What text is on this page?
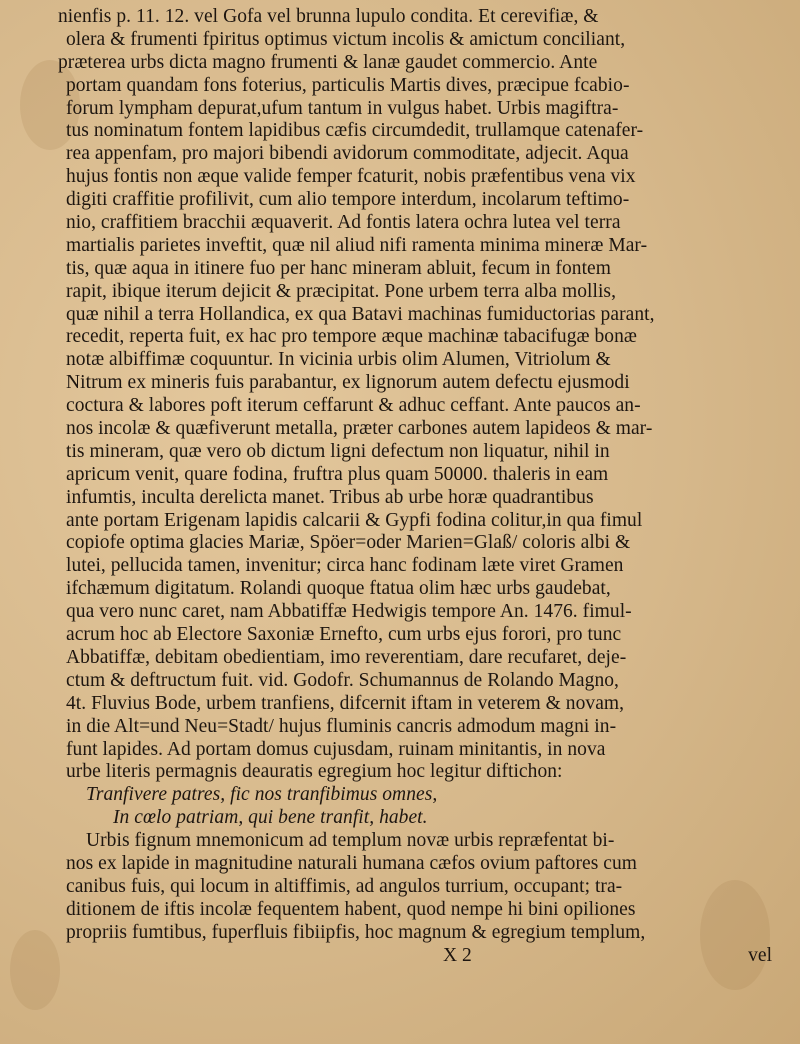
nienfis p. 11. 12. vel Gofa vel brunna lupulo condita. Et cerevifiæ, &
olera & frumenti fpiritus optimus victum incolis & amictum conciliant,
præterea urbs dicta magno frumenti & lanæ gaudet commercio. Ante
portam quandam fons foterius, particulis Martis dives, præcipue fcabio-
forum lympham depurat,ufum tantum in vulgus habet. Urbis magiftra-
tus nominatum fontem lapidibus cæfis circumdedit, trullamque catenafer-
rea appenfam, pro majori bibendi avidorum commoditate, adjecit. Aqua
hujus fontis non æque valide femper fcaturit, nobis præfentibus vena vix
digiti craffitie profilivit, cum alio tempore interdum, incolarum teftimo-
nio, craffitiem bracchii æquaverit. Ad fontis latera ochra lutea vel terra
martialis parietes inveftit, quæ nil aliud nifi ramenta minima mineræ Mar-
tis, quæ aqua in itinere fuo per hanc mineram abluit, fecum in fontem
rapit, ibique iterum dejicit & præcipitat. Pone urbem terra alba mollis,
quæ nihil a terra Hollandica, ex qua Batavi machinas fumiductorias parant,
recedit, reperta fuit, ex hac pro tempore æque machinæ tabacifugæ bonæ
notæ albiffimæ coquuntur. In vicinia urbis olim Alumen, Vitriolum &
Nitrum ex mineris fuis parabantur, ex lignorum autem defectu ejusmodi
coctura & labores poft iterum ceffarunt & adhuc ceffant. Ante paucos an-
nos incolæ & quæfiverunt metalla, præter carbones autem lapideos & mar-
tis mineram, quæ vero ob dictum ligni defectum non liquatur, nihil in
apricum venit, quare fodina, fruftra plus quam 50000. thaleris in eam
infumtis, inculta derelicta manet. Tribus ab urbe horæ quadrantibus
ante portam Erigenam lapidis calcarii & Gypfi fodina colitur,in qua fimul
copiofe optima glacies Mariæ, Spöer=oder Marien=Glaß/ coloris albi &
lutei, pellucida tamen, invenitur; circa hanc fodinam læte viret Gramen
ifchæmum digitatum. Rolandi quoque ftatua olim hæc urbs gaudebat,
qua vero nunc caret, nam Abbatiffæ Hedwigis tempore An. 1476. fimul-
acrum hoc ab Electore Saxoniæ Ernefto, cum urbs ejus forori, pro tunc
Abbatiffæ, debitam obedientiam, imo reverentiam, dare recufaret, deje-
ctum & deftructum fuit. vid. Godofr. Schumannus de Rolando Magno,
4t. Fluvius Bode, urbem tranfiens, difcernit iftam in veterem & novam,
in die Alt=und Neu=Stadt/ hujus fluminis cancris admodum magni in-
funt lapides. Ad portam domus cujusdam, ruinam minitantis, in nova
urbe literis permagnis deauratis egregium hoc legitur diftichon:
Tranfivere patres, fic nos tranfibimus omnes,
In cœlo patriam, qui bene tranfit, habet.
Urbis fignum mnemonicum ad templum novæ urbis repræfentat bi-
nos ex lapide in magnitudine naturali humana cæfos ovium paftores cum
canibus fuis, qui locum in altiffimis, ad angulos turrium, occupant; tra-
ditionem de iftis incolæ fequentem habent, quod nempe hi bini opiliones
propriis fumtibus, fuperfluis fibiipfis, hoc magnum & egregium templum,
X 2	vel
